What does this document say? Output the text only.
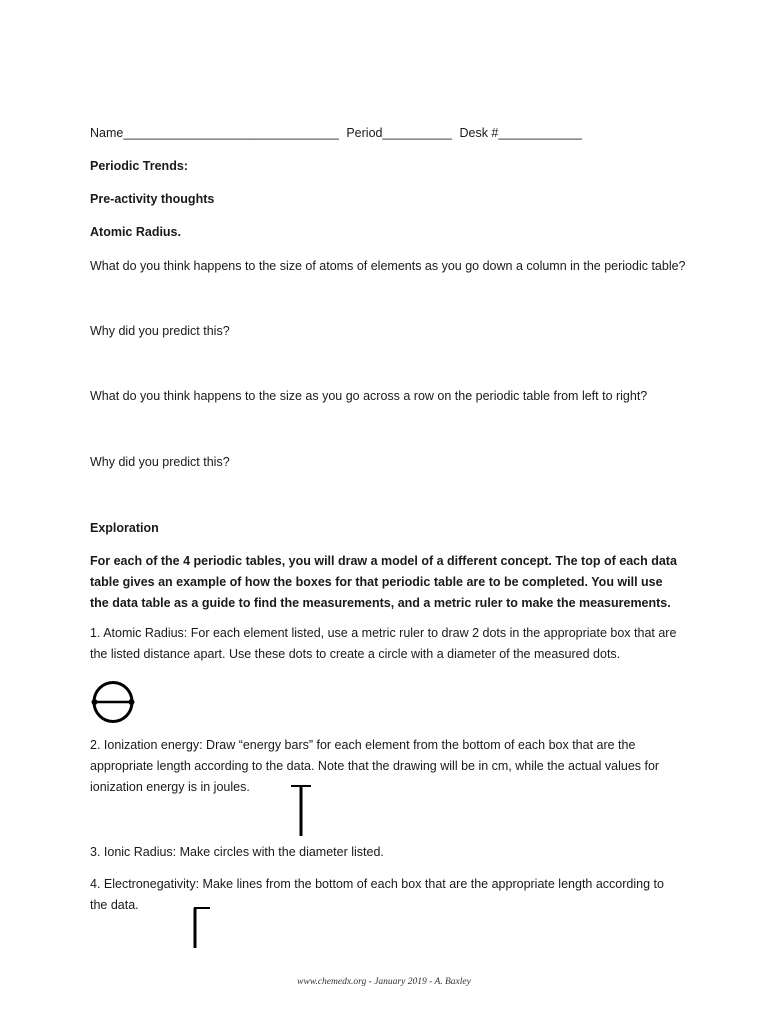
Name_______________________________ Period__________ Desk #____________
Periodic Trends:
Pre-activity thoughts
Atomic Radius.
What do you think happens to the size of atoms of elements as you go down a column in the periodic table?
Why did you predict this?
What do you think happens to the size as you go across a row on the periodic table from left to right?
Why did you predict this?
Exploration
For each of the 4 periodic tables, you will draw a model of a different concept. The top of each data table gives an example of how the boxes for that periodic table are to be completed. You will use the data table as a guide to find the measurements, and a metric ruler to make the measurements.
1. Atomic Radius: For each element listed, use a metric ruler to draw 2 dots in the appropriate box that are the listed distance apart. Use these dots to create a circle with a diameter of the measured dots.
2. Ionization energy: Draw “energy bars” for each element from the bottom of each box that are the appropriate length according to the data. Note that the drawing will be in cm, while the actual values for ionization energy is in joules.
3. Ionic Radius: Make circles with the diameter listed.
4. Electronegativity: Make lines from the bottom of each box that are the appropriate length according to the data.
www.chemedx.org - January 2019 - A. Baxley
